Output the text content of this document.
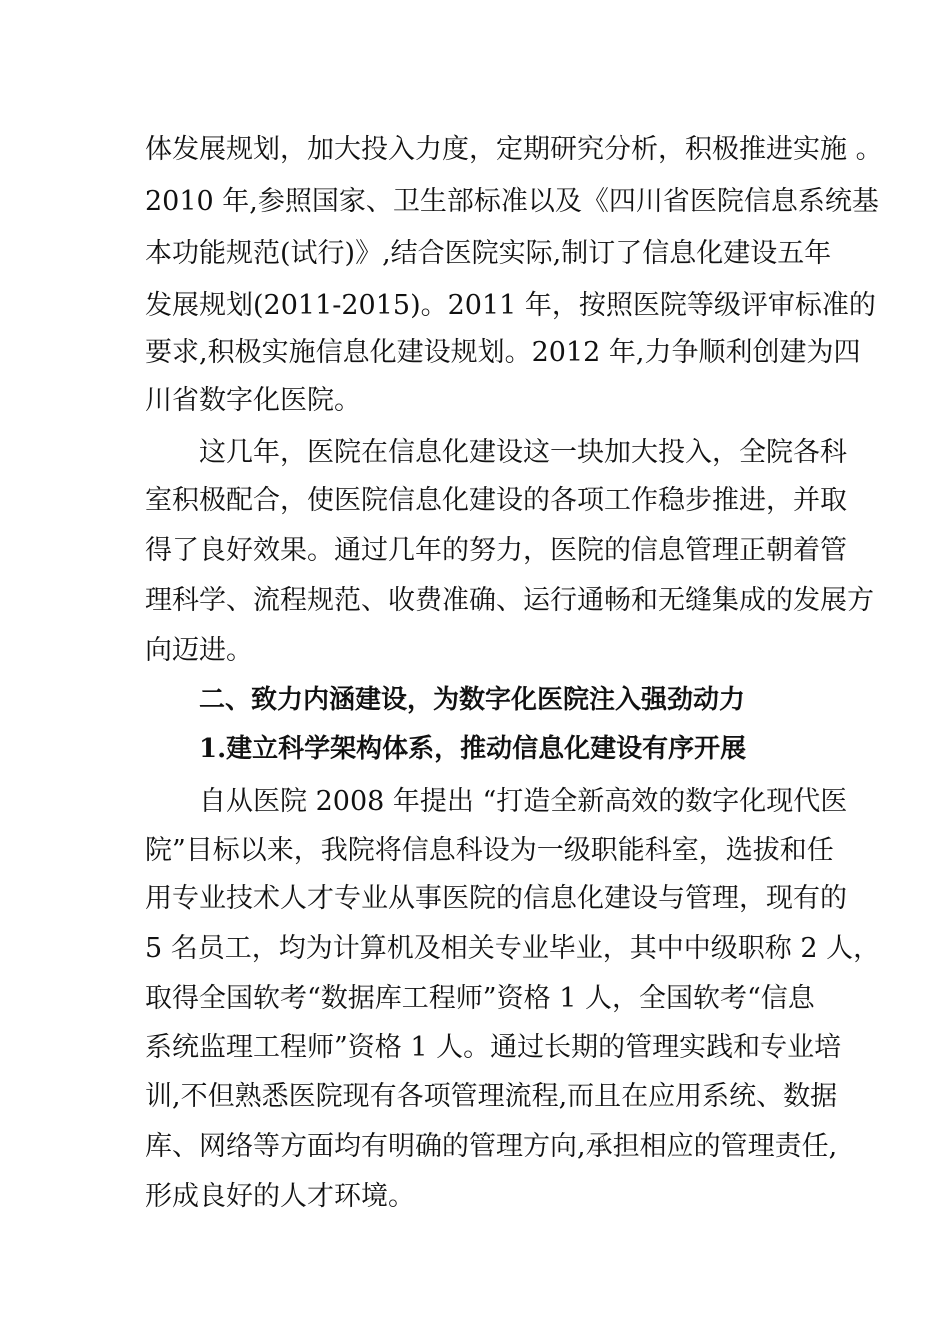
体发展规划，加大投入力度，定期研究分析，积极推进实施 。
2010 年,参照国家、卫生部标准以及《四川省医院信息系统基
本功能规范(试行)》,结合医院实际,制订了信息化建设五年
发展规划(2011-2015)。2011 年，按照医院等级评审标准的
要求,积极实施信息化建设规划。2012 年,力争顺利创建为四
川省数字化医院。
这几年，医院在信息化建设这一块加大投入，全院各科
室积极配合，使医院信息化建设的各项工作稳步推进，并取
得了良好效果。通过几年的努力，医院的信息管理正朝着管
理科学、流程规范、收费准确、运行通畅和无缝集成的发展方
向迈进。
二、致力内涵建设，为数字化医院注入强劲动力
1.建立科学架构体系，推动信息化建设有序开展
自从医院 2008 年提出 “打造全新高效的数字化现代医
院”目标以来，我院将信息科设为一级职能科室，选拔和任
用专业技术人才专业从事医院的信息化建设与管理，现有的
5 名员工，均为计算机及相关专业毕业，其中中级职称 2 人，
取得全国软考“数据库工程师”资格 1 人，全国软考“信息
系统监理工程师”资格 1 人。通过长期的管理实践和专业培
训,不但熟悉医院现有各项管理流程,而且在应用系统、数据
库、网络等方面均有明确的管理方向,承担相应的管理责任,
形成良好的人才环境。
